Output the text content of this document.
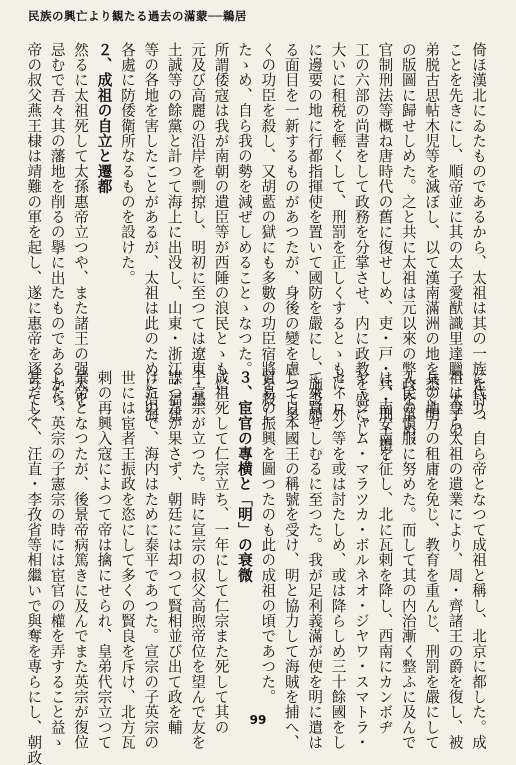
民族の興亡より観たる過去の滿蒙──鵜居
倚ほ漢北にゐたものであるから、太祖は其の一族を討つ
ことを先きにし、順帝並に其の太子愛猷識里達臘、太子の
弟脱古思帖木児等を滅ぼし、以て漢南滿洲の地を悉く明
の版圖に歸せしめた。之と共に太祖は元以來の弊政を革め、
官制刑法等概ね唐時代の舊に復せしめ、吏・戸・兵・刑・禮・
工の六部の尚書をして政務を分掌させ、内に政教を盛にし
大いに租税を輕くして、刑罰を正しくするとゝもに、外
に邊要の地に行都指揮使を置いて國防を嚴にし、施設頗
る面目を一新するものがあつたが、身後の變を慮つて多
くの功臣を殺し、又胡藍の獄にも多數の功臣宿將を殺し
たゝめ、自ら我の勢を減ぜしめることゝなつた。
所謂倭寇は我が南朝の遺臣等が西陲の浪民とゝもに、
元及び高麗の沿岸を剽掠し、明初に至つては遼東・張
土誠等の餘黨と計つて海上に出没し、山東・浙江・福建
等の各地を害したことがあるが、太祖は此のために沿海
各處に防倭衛所なるものを設けた。
２、成祖の自立と遷都
然るに太祖死して太孫惠帝立つや、また諸王の强大を
忌むで吾々其の藩地を削るの擧に出たものであるから、
帝の叔父燕王棣は靖難の軍を起し、遂に惠帝を逐うて之
に代り、自ら帝となつて成祖と稱し、北京に都した。成
祖は専ら太祖の遺業により、周・齊諸王の爵を復し、被
兵の地方の租庸を免じ、教育を重んじ、刑罰を嚴にして
人民の慣服に努めた。而して其の内治漸く整ふに及んで
は、南安南を征し、北に瓦剌を降し、西南にカンボヂ
ヤ・シャム・マラツカ・ボルネオ・ジヤワ・スマトラ・
セイロン等を或は討たしめ、或は降らしめ三十餘國をし
て來貢せしむるに至つた。我が足利義滿が使を明に遣は
して日本國王の稱號を受け、明と協力して海賊を捕へ、
貿易の振興を圖つたのも此の成祖の頃であつた。
３、宦官の專横と「明」の衰微
成祖死して仁宗立ち、一年にして仁宗また死して其の
子宣宗が立つた。時に宣宗の叔父高煦帝位を望んで友を
謀つたが果さず、朝廷には却つて賢相並び出て政を輔
けたので、海内はために泰平であつた。宣宗の子英宗の
世には宦者王振政を恣にして多くの賢良を斥け、北方瓦
剌の再興入寇によつて帝は擒にせられ、皇弟代宗立つて
景帝となつたが、後景帝病篤きに及んでまた英宗が復位
した。英宗の子憲宗の時には宦官の權を弄すること益ゝ
甚だしく、汪直・李孜省等相繼いで與奪を専らにし、朝政	99
